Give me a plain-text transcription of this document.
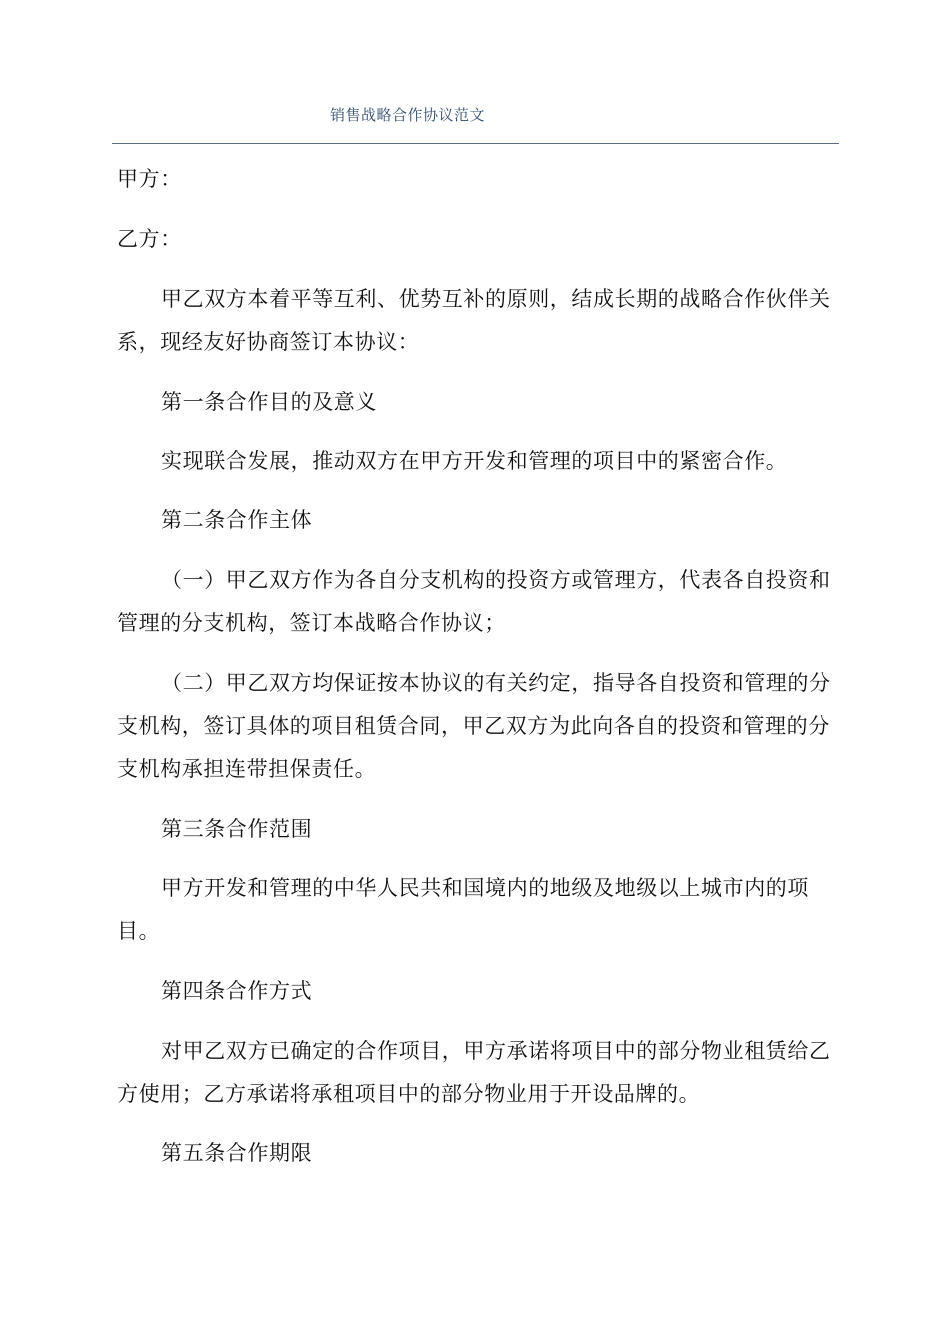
销售战略合作协议范文

甲方：

乙方：

甲乙双方本着平等互利、优势互补的原则，结成长期的战略合作伙伴关系，现经友好协商签订本协议：

第一条合作目的及意义

实现联合发展，推动双方在甲方开发和管理的项目中的紧密合作。

第二条合作主体

（一）甲乙双方作为各自分支机构的投资方或管理方，代表各自投资和管理的分支机构，签订本战略合作协议；

（二）甲乙双方均保证按本协议的有关约定，指导各自投资和管理的分支机构，签订具体的项目租赁合同，甲乙双方为此向各自的投资和管理的分支机构承担连带担保责任。

第三条合作范围

甲方开发和管理的中华人民共和国境内的地级及地级以上城市内的项目。

第四条合作方式

对甲乙双方已确定的合作项目，甲方承诺将项目中的部分物业租赁给乙方使用；乙方承诺将承租项目中的部分物业用于开设品牌的。

第五条合作期限
